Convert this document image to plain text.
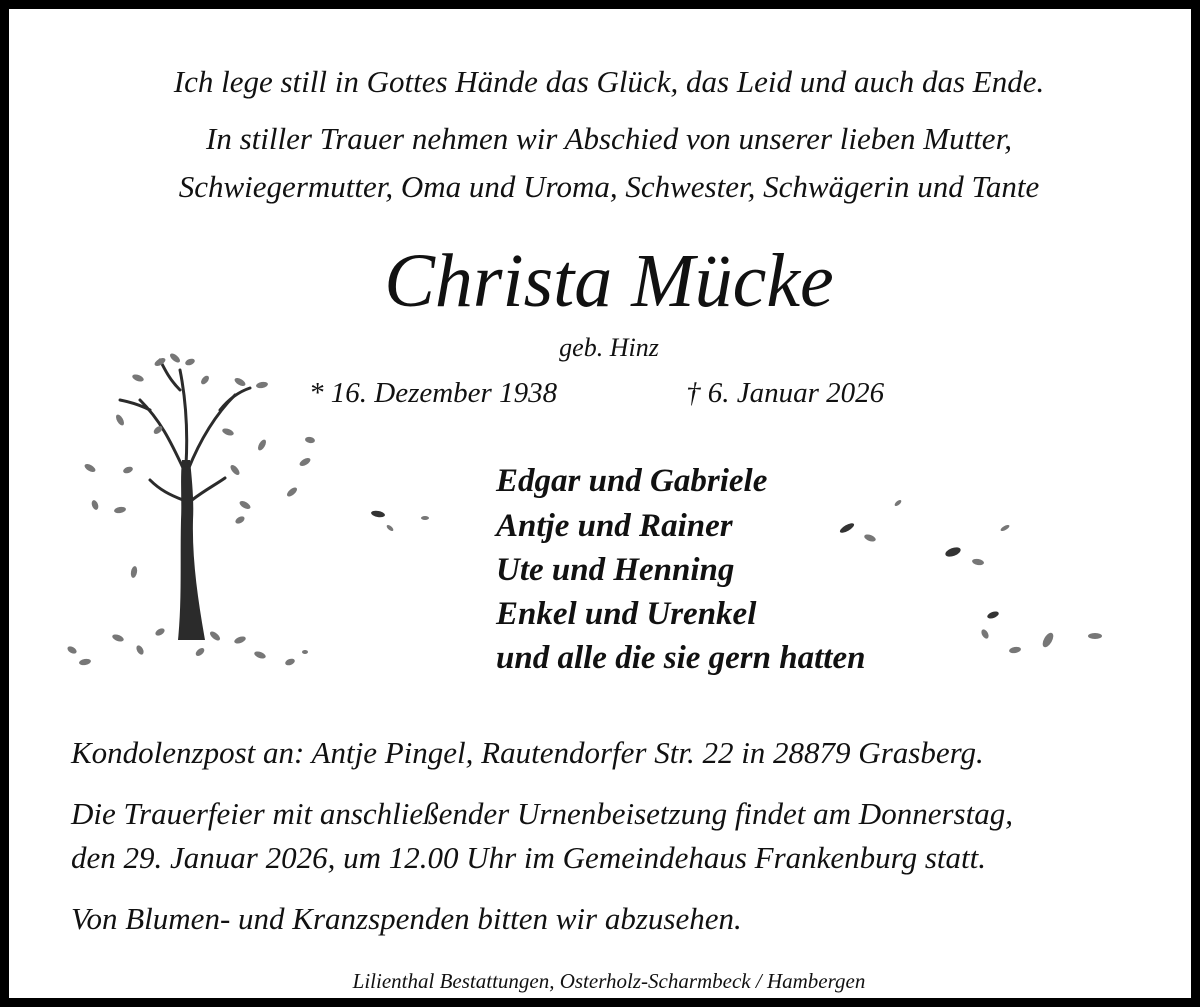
Ich lege still in Gottes Hände das Glück, das Leid und auch das Ende.
In stiller Trauer nehmen wir Abschied von unserer lieben Mutter,
Schwiegermutter, Oma und Uroma, Schwester, Schwägerin und Tante
Christa Mücke
geb. Hinz
* 16. Dezember 1938	† 6. Januar 2026
Edgar und Gabriele
Antje und Rainer
Ute und Henning
Enkel und Urenkel
und alle die sie gern hatten
Kondolenzpost an: Antje Pingel, Rautendorfer Str. 22 in 28879 Grasberg.
Die Trauerfeier mit anschließender Urnenbeisetzung findet am Donnerstag,
den 29. Januar 2026, um 12.00 Uhr im Gemeindehaus Frankenburg statt.
Von Blumen- und Kranzspenden bitten wir abzusehen.
Lilienthal Bestattungen, Osterholz-Scharmbeck / Hambergen
